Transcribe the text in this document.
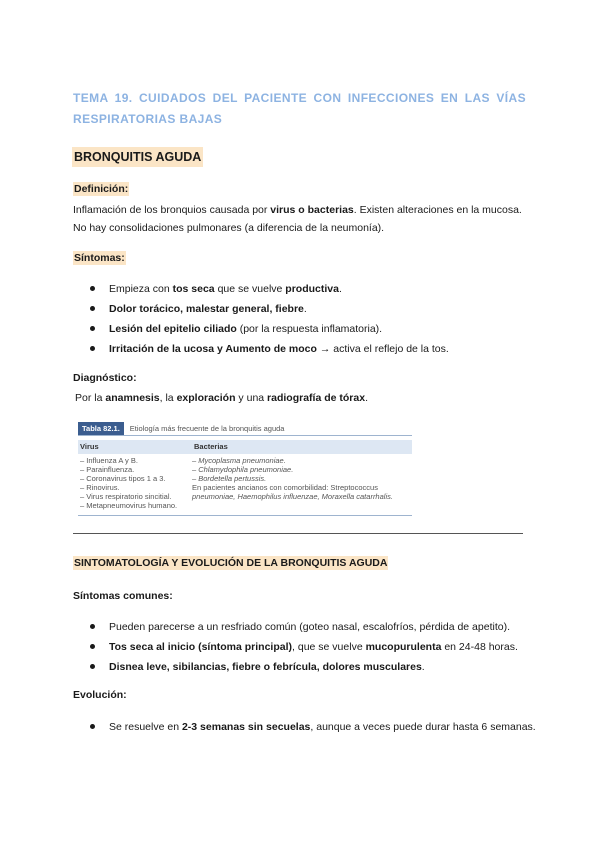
TEMA 19. CUIDADOS DEL PACIENTE CON INFECCIONES EN LAS VÍAS RESPIRATORIAS BAJAS
BRONQUITIS AGUDA
Definición:
Inflamación de los bronquios causada por virus o bacterias. Existen alteraciones en la mucosa.
No hay consolidaciones pulmonares (a diferencia de la neumonía).
Síntomas:
Empieza con tos seca que se vuelve productiva.
Dolor torácico, malestar general, fiebre.
Lesión del epitelio ciliado (por la respuesta inflamatoria).
Irritación de la ucosa y Aumento de moco → activa el reflejo de la tos.
Diagnóstico:
Por la anamnesis, la exploración y una radiografía de tórax.
Tabla 82.1.	Etiología más frecuente de la bronquitis aguda
Virus	Bacterias
– Influenza A y B.
– Parainfluenza.
– Coronavirus tipos 1 a 3.
– Rinovirus.
– Virus respiratorio sincitial.
– Metapneumovirus humano.
– Mycoplasma pneumoniae.
– Chlamydophila pneumoniae.
– Bordetella pertussis.
En pacientes ancianos con comorbilidad: Streptococcus
pneumoniae, Haemophilus influenzae, Moraxella catarrhalis.
SINTOMATOLOGÍA Y EVOLUCIÓN DE LA BRONQUITIS AGUDA
Síntomas comunes:
Pueden parecerse a un resfriado común (goteo nasal, escalofríos, pérdida de apetito).
Tos seca al inicio (síntoma principal), que se vuelve mucopurulenta en 24-48 horas.
Disnea leve, sibilancias, fiebre o febrícula, dolores musculares.
Evolución:
Se resuelve en 2-3 semanas sin secuelas, aunque a veces puede durar hasta 6 semanas.
